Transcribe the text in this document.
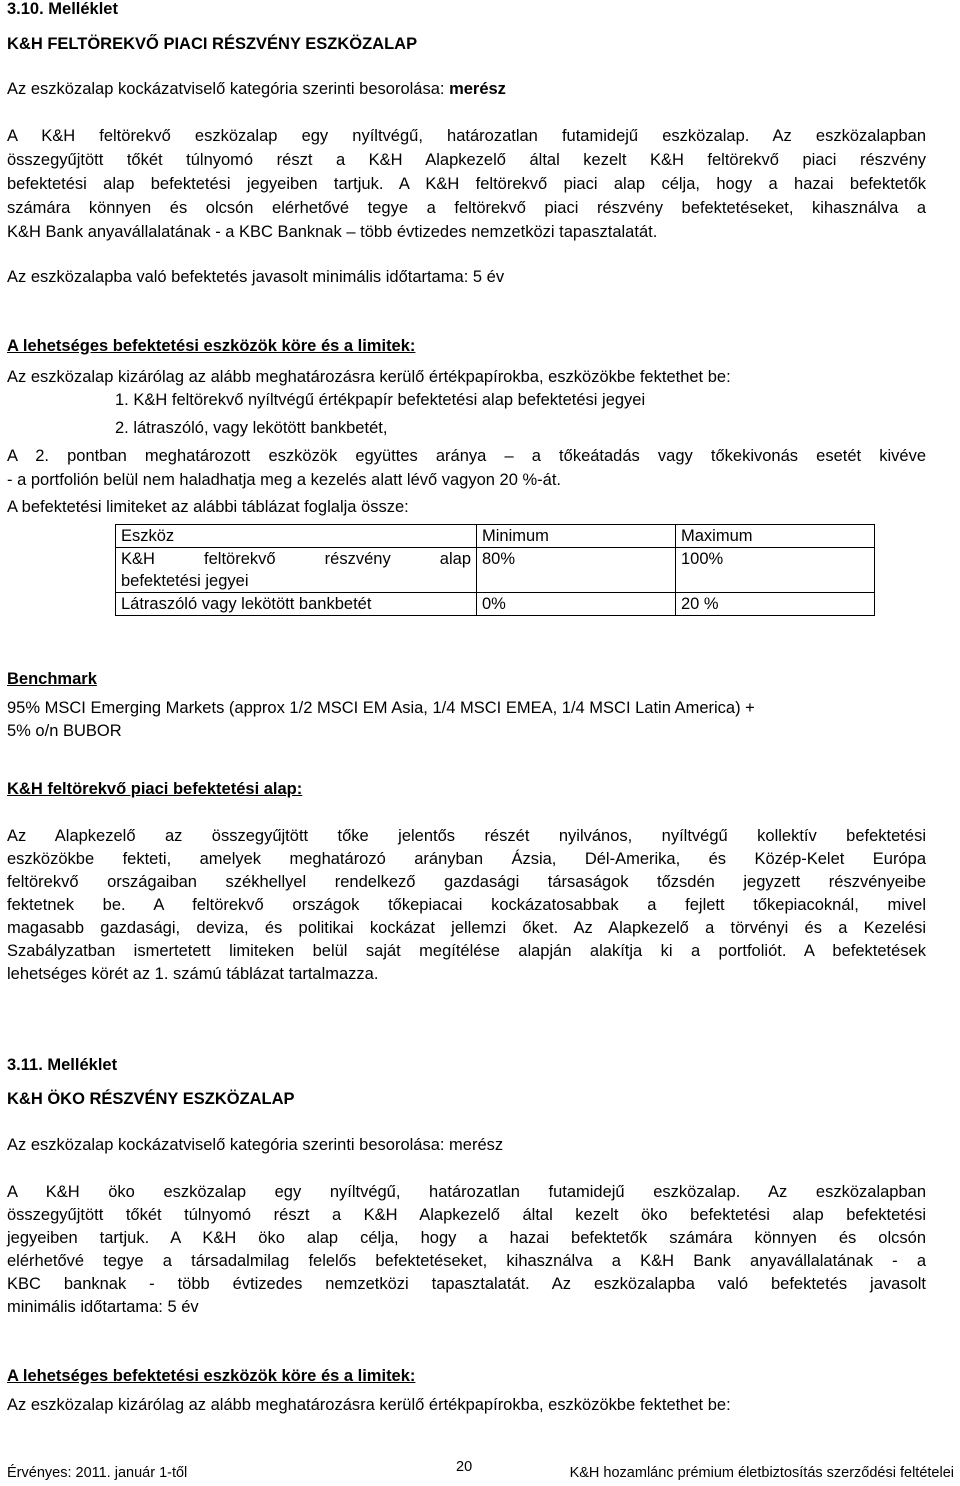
3.10. Melléklet
K&H FELTÖREKVŐ PIACI RÉSZVÉNY ESZKÖZALAP
Az eszközalap kockázatviselő kategória szerinti besorolása: merész
A K&H feltörekvő eszközalap egy nyíltvégű, határozatlan futamidejű eszközalap. Az eszközalapban
összegyűjtött tőkét túlnyomó részt a K&H Alapkezelő által kezelt K&H feltörekvő piaci részvény
befektetési alap befektetési jegyeiben tartjuk. A K&H feltörekvő piaci alap célja, hogy a hazai befektetők
számára könnyen és olcsón elérhetővé tegye a feltörekvő piaci részvény befektetéseket, kihasználva a
K&H Bank anyavállalatának - a KBC Banknak – több évtizedes nemzetközi tapasztalatát.
Az eszközalapba való befektetés javasolt minimális időtartama: 5 év
A lehetséges befektetési eszközök köre és a limitek:
Az eszközalap kizárólag az alább meghatározásra kerülő értékpapírokba, eszközökbe fektethet be:
1. K&H feltörekvő nyíltvégű értékpapír befektetési alap befektetési jegyei
2. látraszóló, vagy lekötött bankbetét,
A 2. pontban meghatározott eszközök együttes aránya – a tőkeátadás vagy tőkekivonás esetét kivéve
- a portfolión belül nem haladhatja meg a kezelés alatt lévő vagyon 20 %-át.
A befektetési limiteket az alábbi táblázat foglalja össze:
Eszköz	Minimum	Maximum

K&H feltörekvő részvény alap
befektetési jegyei	80%	100%
Látraszóló vagy lekötött bankbetét	0%	20 %
Benchmark
95% MSCI Emerging Markets (approx 1/2 MSCI EM Asia, 1/4 MSCI EMEA, 1/4 MSCI Latin America) +
5% o/n BUBOR
K&H feltörekvő piaci befektetési alap:
Az Alapkezelő az összegyűjtött tőke jelentős részét nyilvános, nyíltvégű kollektív befektetési
eszközökbe fekteti, amelyek meghatározó arányban Ázsia, Dél-Amerika, és Közép-Kelet Európa
feltörekvő országaiban székhellyel rendelkező gazdasági társaságok tőzsdén jegyzett részvényeibe
fektetnek be. A feltörekvő országok tőkepiacai kockázatosabbak a fejlett tőkepiacoknál, mivel
magasabb gazdasági, deviza, és politikai kockázat jellemzi őket. Az Alapkezelő a törvényi és a Kezelési
Szabályzatban ismertetett limiteken belül saját megítélése alapján alakítja ki a portfoliót. A befektetések
lehetséges körét az 1. számú táblázat tartalmazza.
3.11. Melléklet
K&H ÖKO RÉSZVÉNY ESZKÖZALAP
Az eszközalap kockázatviselő kategória szerinti besorolása: merész
A K&H öko eszközalap egy nyíltvégű, határozatlan futamidejű eszközalap. Az eszközalapban
összegyűjtött tőkét túlnyomó részt a K&H Alapkezelő által kezelt öko befektetési alap befektetési
jegyeiben tartjuk. A K&H öko alap célja, hogy a hazai befektetők számára könnyen és olcsón
elérhetővé tegye a társadalmilag felelős befektetéseket, kihasználva a K&H Bank anyavállalatának - a
KBC banknak - több évtizedes nemzetközi tapasztalatát. Az eszközalapba való befektetés javasolt
minimális időtartama: 5 év
A lehetséges befektetési eszközök köre és a limitek:
Az eszközalap kizárólag az alább meghatározásra kerülő értékpapírokba, eszközökbe fektethet be:
Érvényes: 2011. január 1-től	20	K&H hozamlánc prémium életbiztosítás szerződési feltételei
